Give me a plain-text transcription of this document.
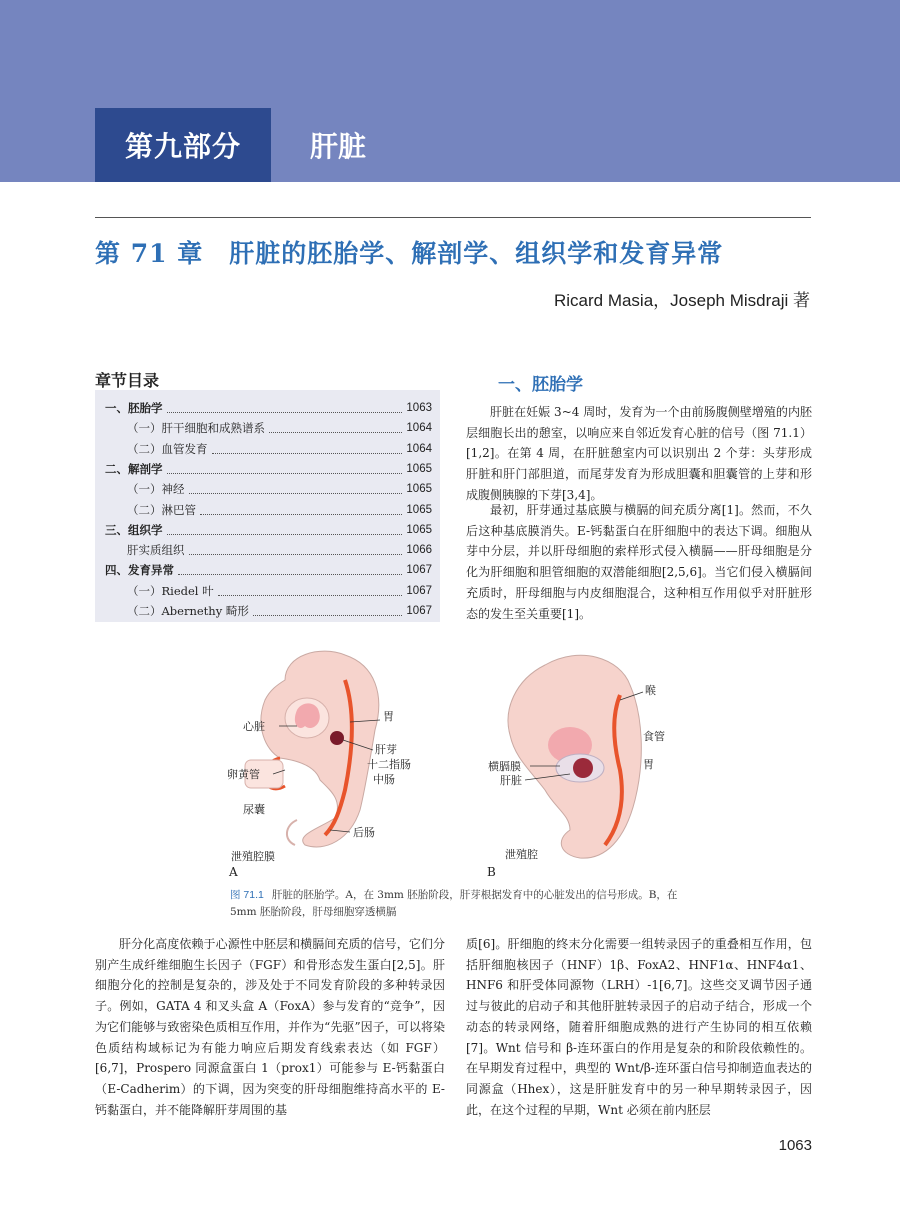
第九部分	肝脏
第 71 章　肝脏的胚胎学、解剖学、组织学和发育异常
Ricard Masia，Joseph Misdraji 著
章节目录
一、胚胎学	1063
（一）肝干细胞和成熟谱系	1064
（二）血管发育	1064
二、解剖学	1065
（一）神经	1065
（二）淋巴管	1065
三、组织学	1065
肝实质组织	1066
四、发育异常	1067
（一）Riedel 叶	1067
（二）Abernethy 畸形	1067
一、胚胎学

肝脏在妊娠 3~4 周时，发育为一个由前肠腹侧壁增殖的内胚层细胞长出的憩室，以响应来自邻近发育心脏的信号（图 71.1）[1,2]。在第 4 周，在肝脏憩室内可以识别出 2 个芽：头芽形成肝脏和肝门部胆道，而尾芽发育为形成胆囊和胆囊管的上芽和形成腹侧胰腺的下芽[3,4]。

最初，肝芽通过基底膜与横膈的间充质分离[1]。然而，不久后这种基底膜消失。E-钙黏蛋白在肝细胞中的表达下调。细胞从芽中分层，并以肝母细胞的索样形式侵入横膈——肝母细胞是分化为肝细胞和胆管细胞的双潜能细胞[2,5,6]。当它们侵入横膈间充质时，肝母细胞与内皮细胞混合，这种相互作用似乎对肝脏形态的发生至关重要[1]。

心脏
卵黄管
尿囊
泄殖腔膜
胃
肝芽
十二指肠
中肠
后肠
A
喉
食管
胃
横膈膜
肝脏
泄殖腔
B
图 71.1 肝脏的胚胎学。A，在 3mm 胚胎阶段，肝芽根据发育中的心脏发出的信号形成。B，在 5mm 胚胎阶段，肝母细胞穿透横膈

肝分化高度依赖于心源性中胚层和横膈间充质的信号，它们分别产生成纤维细胞生长因子（FGF）和骨形态发生蛋白[2,5]。肝细胞分化的控制是复杂的，涉及处于不同发育阶段的多种转录因子。例如，GATA 4 和叉头盒 A（FoxA）参与发育的“竞争”，因为它们能够与致密染色质相互作用，并作为“先驱”因子，可以将染色质结构域标记为有能力响应后期发育线索表达（如 FGF）[6,7]，Prospero 同源盒蛋白 1（prox1）可能参与 E-钙黏蛋白（E-Cadherim）的下调，因为突变的肝母细胞维持高水平的 E-钙黏蛋白，并不能降解肝芽周围的基

质[6]。肝细胞的终末分化需要一组转录因子的重叠相互作用，包括肝细胞核因子（HNF）1β、FoxA2、HNF1α、HNF4α1、HNF6 和肝受体同源物（LRH）-1[6,7]。这些交叉调节因子通过与彼此的启动子和其他肝脏转录因子的启动子结合，形成一个动态的转录网络，随着肝细胞成熟的进行产生协同的相互依赖[7]。Wnt 信号和 β-连环蛋白的作用是复杂的和阶段依赖性的。在早期发育过程中，典型的 Wnt/β-连环蛋白信号抑制造血表达的同源盒（Hhex），这是肝脏发育中的另一种早期转录因子，因此，在这个过程的早期，Wnt 必须在前内胚层

1063
